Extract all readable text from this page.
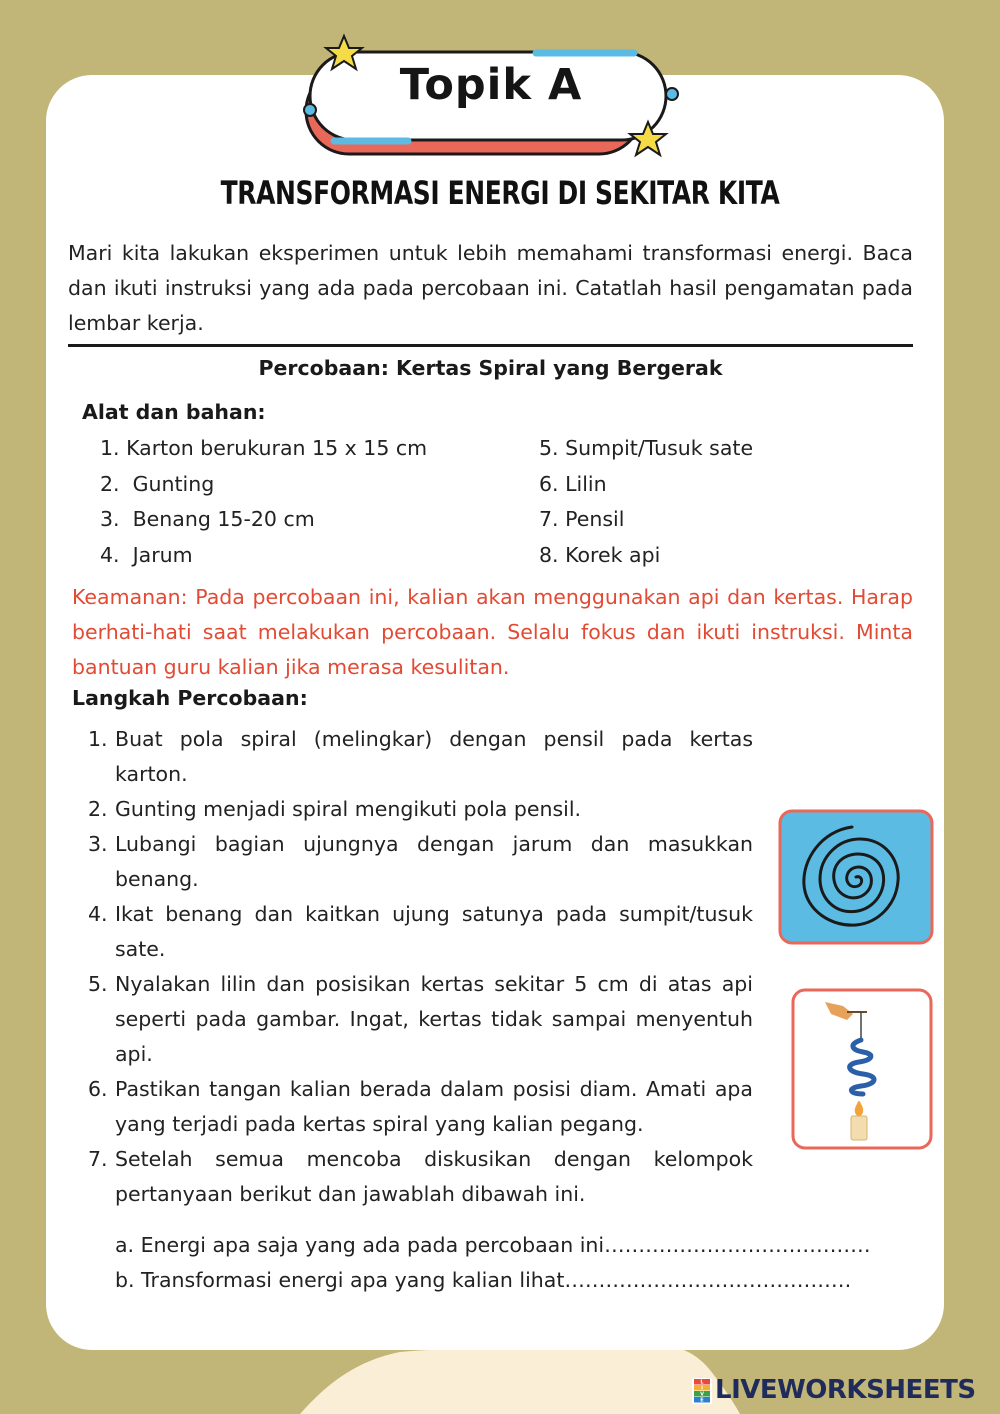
Topik A
TRANSFORMASI ENERGI DI SEKITAR KITA
Mari kita lakukan eksperimen untuk lebih memahami transformasi energi. Baca dan ikuti instruksi yang ada pada percobaan ini. Catatlah hasil pengamatan pada lembar kerja.
Percobaan: Kertas Spiral yang Bergerak
Alat dan bahan:
1. Karton berukuran 15 x 15 cm
2. Gunting
3. Benang 15-20 cm
4. Jarum
5. Sumpit/Tusuk sate
6. Lilin
7. Pensil
8. Korek api
Keamanan: Pada percobaan ini, kalian akan menggunakan api dan kertas. Harap berhati-hati saat melakukan percobaan. Selalu fokus dan ikuti instruksi. Minta bantuan guru kalian jika merasa kesulitan.
Langkah Percobaan:
1. Buat pola spiral (melingkar) dengan pensil pada kertas karton.
2. Gunting menjadi spiral mengikuti pola pensil.
3. Lubangi bagian ujungnya dengan jarum dan masukkan benang.
4. Ikat benang dan kaitkan ujung satunya pada sumpit/tusuk sate.
5. Nyalakan lilin dan posisikan kertas sekitar 5 cm di atas api seperti pada gambar. Ingat, kertas tidak sampai menyentuh api.
6. Pastikan tangan kalian berada dalam posisi diam. Amati apa yang terjadi pada kertas spiral yang kalian pegang.
7. Setelah semua mencoba diskusikan dengan kelompok pertanyaan berikut dan jawablah dibawah ini.
a. Energi apa saja yang ada pada percobaan ini…………………………………
b. Transformasi energi apa yang kalian lihat……………………………………
L
I
V
E LIVEWORKSHEETS
